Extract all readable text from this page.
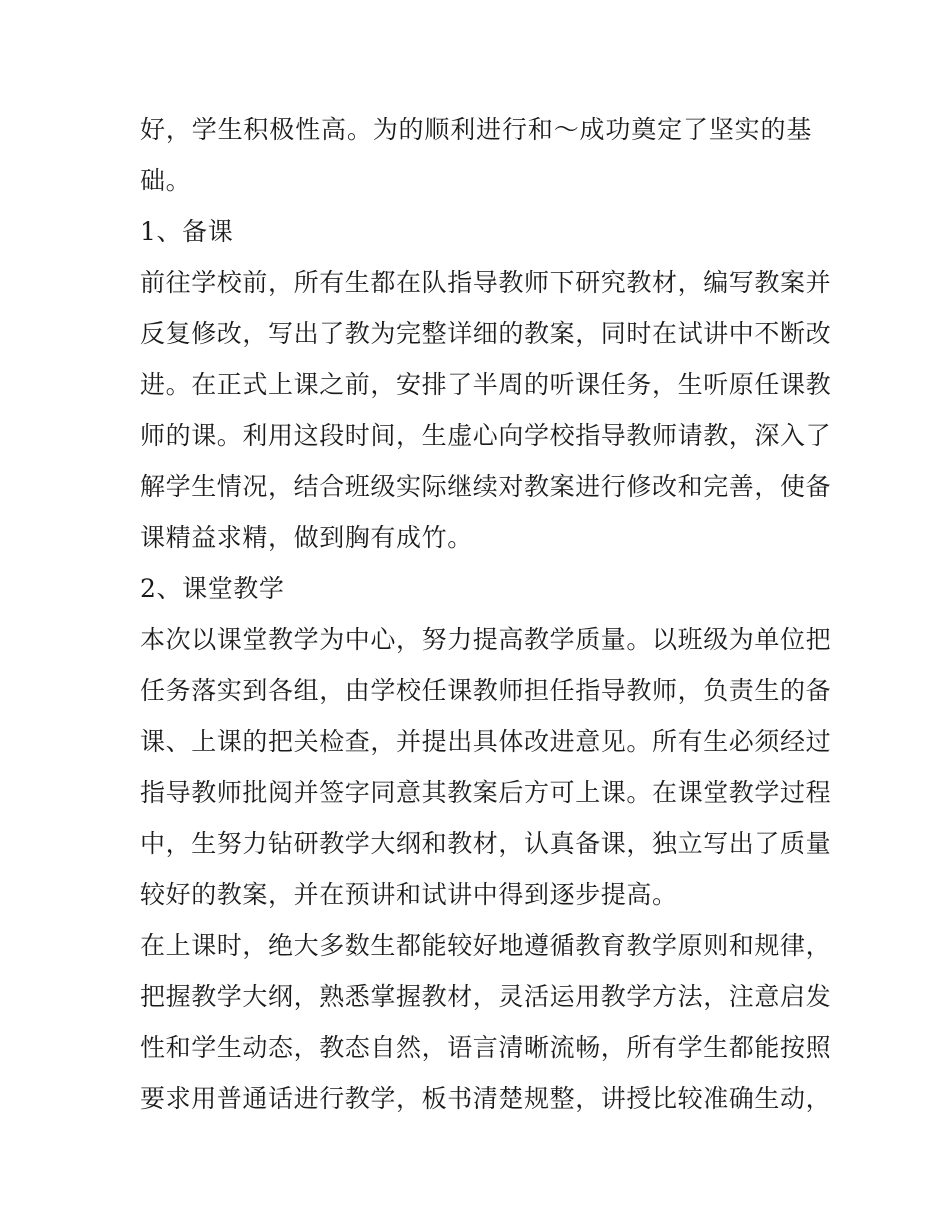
好，学生积极性高。为的顺利进行和～成功奠定了坚实的基
础。
1、备课
前往学校前，所有生都在队指导教师下研究教材，编写教案并
反复修改，写出了教为完整详细的教案，同时在试讲中不断改
进。在正式上课之前，安排了半周的听课任务，生听原任课教
师的课。利用这段时间，生虚心向学校指导教师请教，深入了
解学生情况，结合班级实际继续对教案进行修改和完善，使备
课精益求精，做到胸有成竹。
2、课堂教学
本次以课堂教学为中心，努力提高教学质量。以班级为单位把
任务落实到各组，由学校任课教师担任指导教师，负责生的备
课、上课的把关检查，并提出具体改进意见。所有生必须经过
指导教师批阅并签字同意其教案后方可上课。在课堂教学过程
中，生努力钻研教学大纲和教材，认真备课，独立写出了质量
较好的教案，并在预讲和试讲中得到逐步提高。
在上课时，绝大多数生都能较好地遵循教育教学原则和规律，
把握教学大纲，熟悉掌握教材，灵活运用教学方法，注意启发
性和学生动态，教态自然，语言清晰流畅，所有学生都能按照
要求用普通话进行教学，板书清楚规整，讲授比较准确生动，
